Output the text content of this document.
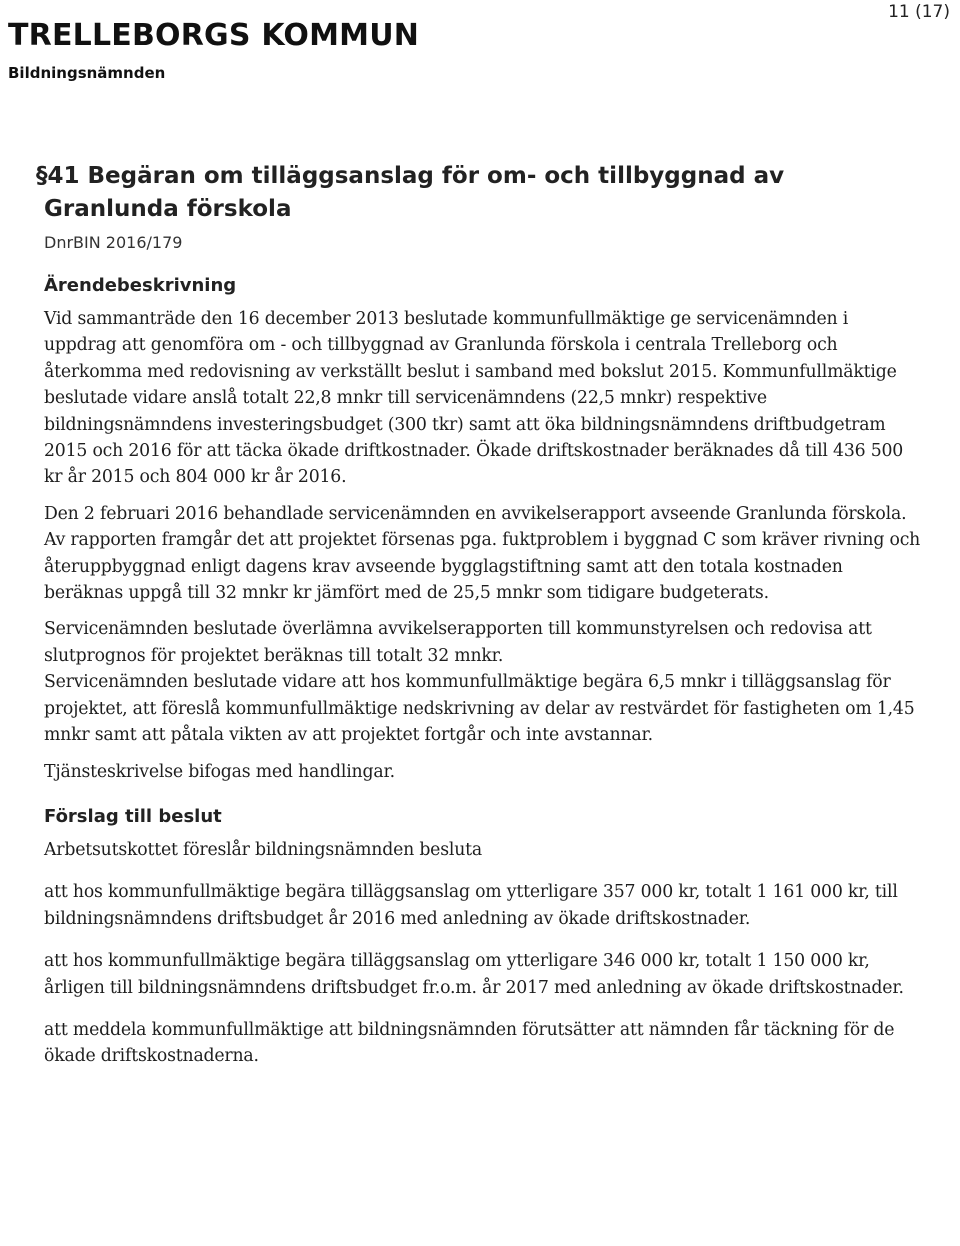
TRELLEBORGS KOMMUN
Bildningsnämnden
11 (17)
§41 Begäran om tilläggsanslag för om- och tillbyggnad av Granlunda förskola
DnrBIN 2016/179
Ärendebeskrivning

Vid sammanträde den 16 december 2013 beslutade kommunfullmäktige ge servicenämnden i uppdrag att genomföra om - och tillbyggnad av Granlunda förskola i centrala Trelleborg och återkomma med redovisning av verkställt beslut i samband med bokslut 2015. Kommunfullmäktige beslutade vidare anslå totalt 22,8 mnkr till servicenämndens (22,5 mnkr) respektive bildningsnämndens investeringsbudget (300 tkr) samt att öka bildningsnämndens driftbudgetram 2015 och 2016 för att täcka ökade driftkostnader. Ökade driftskostnader beräknades då till 436 500 kr år 2015 och 804 000 kr år 2016.

Den 2 februari 2016 behandlade servicenämnden en avvikelserapport avseende Granlunda förskola. Av rapporten framgår det att projektet försenas pga. fuktproblem i byggnad C som kräver rivning och återuppbyggnad enligt dagens krav avseende bygglagstiftning samt att den totala kostnaden beräknas uppgå till 32 mnkr kr jämfört med de 25,5 mnkr som tidigare budgeterats.

Servicenämnden beslutade överlämna avvikelserapporten till kommunstyrelsen och redovisa att slutprognos för projektet beräknas till totalt 32 mnkr.

Servicenämnden beslutade vidare att hos kommunfullmäktige begära 6,5 mnkr i tilläggsanslag för projektet, att föreslå kommunfullmäktige nedskrivning av delar av restvärdet för fastigheten om 1,45 mnkr samt att påtala vikten av att projektet fortgår och inte avstannar.

Tjänsteskrivelse bifogas med handlingar.

Förslag till beslut

Arbetsutskottet föreslår bildningsnämnden besluta

att hos kommunfullmäktige begära tilläggsanslag om ytterligare 357 000 kr, totalt 1 161 000 kr, till bildningsnämndens driftsbudget år 2016 med anledning av ökade driftskostnader.

att hos kommunfullmäktige begära tilläggsanslag om ytterligare 346 000 kr, totalt 1 150 000 kr, årligen till bildningsnämndens driftsbudget fr.o.m. år 2017 med anledning av ökade driftskostnader.

att meddela kommunfullmäktige att bildningsnämnden förutsätter att nämnden får täckning för de ökade driftskostnaderna.
